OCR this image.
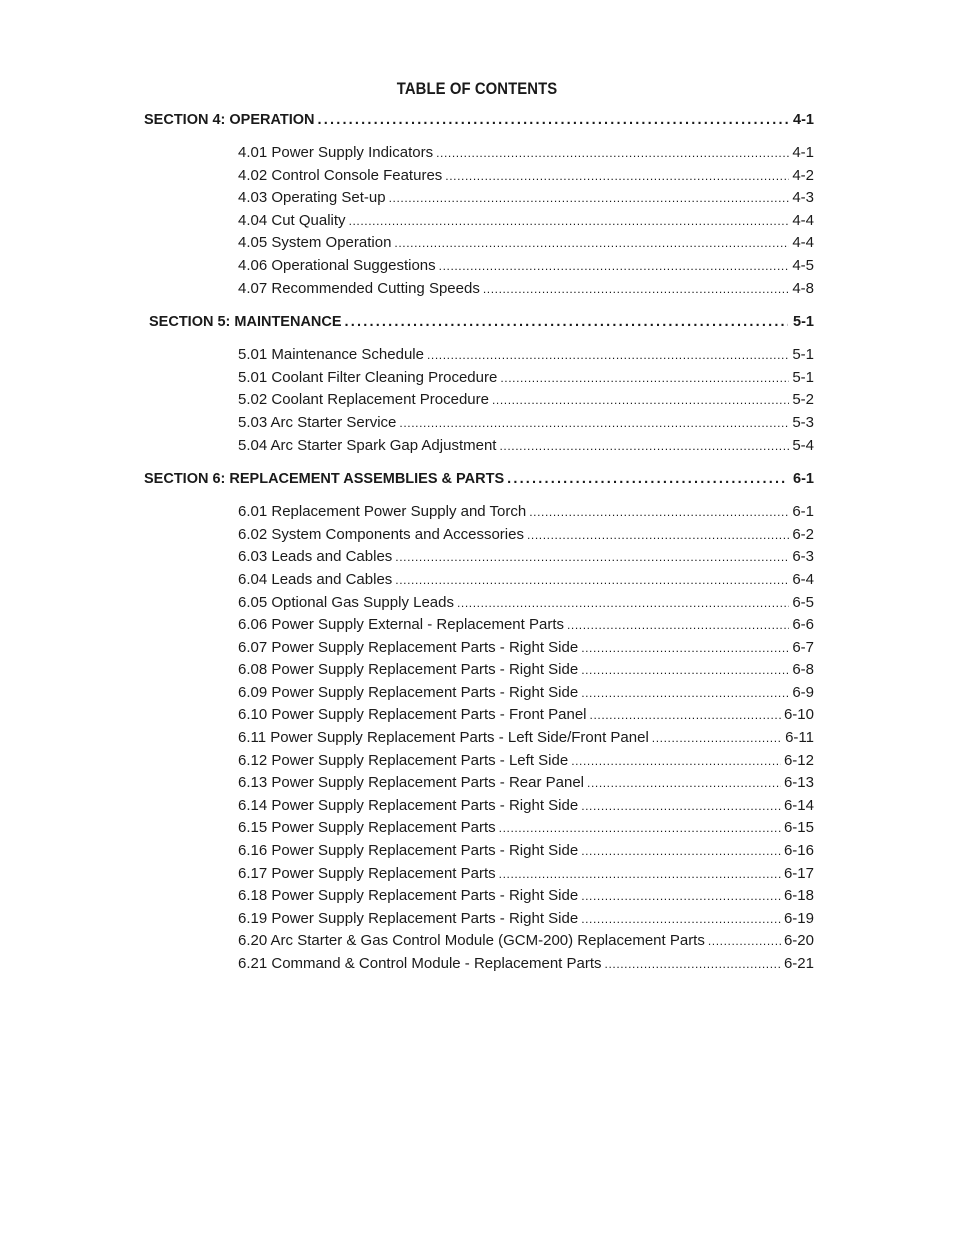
TABLE OF CONTENTS
SECTION 4: OPERATION .....	4-1
4.01 Power Supply Indicators .....	4-1
4.02 Control Console Features .....	4-2
4.03 Operating Set-up .....	4-3
4.04 Cut Quality .....	4-4
4.05 System Operation .....	4-4
4.06 Operational Suggestions .....	4-5
4.07 Recommended Cutting Speeds .....	4-8
SECTION 5: MAINTENANCE .....	5-1
5.01 Maintenance Schedule .....	5-1
5.01 Coolant Filter Cleaning Procedure .....	5-1
5.02 Coolant Replacement Procedure .....	5-2
5.03 Arc Starter Service .....	5-3
5.04 Arc Starter Spark Gap Adjustment .....	5-4
SECTION 6: REPLACEMENT ASSEMBLIES & PARTS .....	6-1
6.01 Replacement Power Supply and Torch .....	6-1
6.02 System Components and Accessories .....	6-2
6.03 Leads and Cables .....	6-3
6.04 Leads and Cables .....	6-4
6.05 Optional Gas Supply Leads .....	6-5
6.06 Power Supply External - Replacement Parts .....	6-6
6.07 Power Supply Replacement Parts - Right Side .....	6-7
6.08 Power Supply Replacement Parts - Right Side .....	6-8
6.09 Power Supply Replacement Parts - Right Side .....	6-9
6.10 Power Supply Replacement Parts - Front Panel .....	6-10
6.11 Power Supply Replacement Parts - Left Side/Front Panel .....	6-11
6.12 Power Supply Replacement Parts - Left Side .....	6-12
6.13 Power Supply Replacement Parts - Rear Panel .....	6-13
6.14 Power Supply Replacement Parts - Right Side .....	6-14
6.15 Power Supply Replacement Parts .....	6-15
6.16 Power Supply Replacement Parts - Right Side .....	6-16
6.17 Power Supply Replacement Parts .....	6-17
6.18 Power Supply Replacement Parts - Right Side .....	6-18
6.19 Power Supply Replacement Parts - Right Side .....	6-19
6.20 Arc Starter & Gas Control Module (GCM-200) Replacement Parts .....	6-20
6.21 Command & Control Module - Replacement Parts .....	6-21
